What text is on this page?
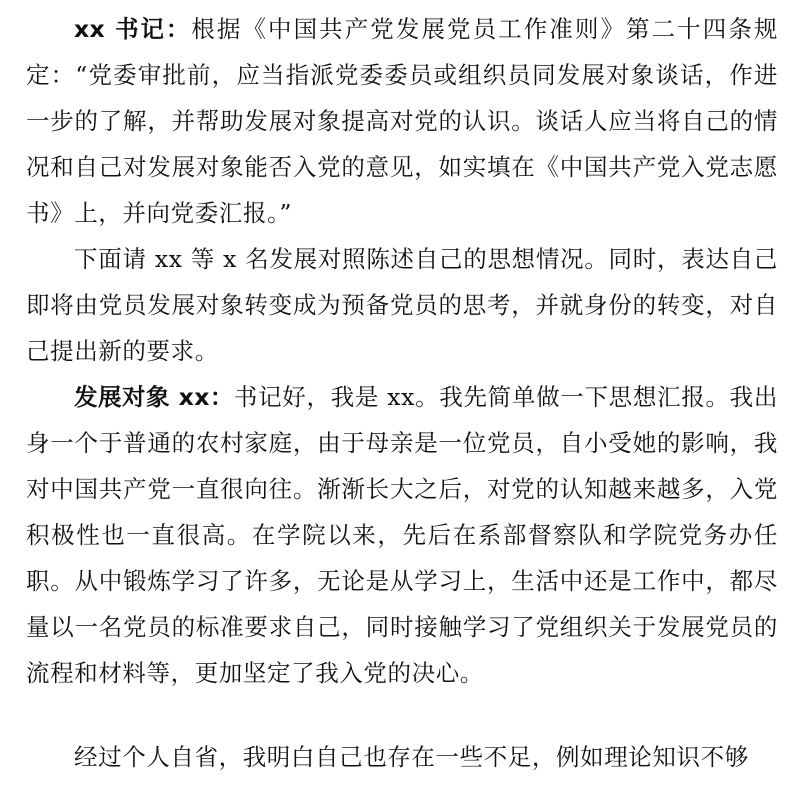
xx 书记：根据《中国共产党发展党员工作准则》第二十四条规定：“党委审批前，应当指派党委委员或组织员同发展对象谈话，作进一步的了解，并帮助发展对象提高对党的认识。谈话人应当将自己的情况和自己对发展对象能否入党的意见，如实填在《中国共产党入党志愿书》上，并向党委汇报。”

下面请 xx 等 x 名发展对照陈述自己的思想情况。同时，表达自己即将由党员发展对象转变成为预备党员的思考，并就身份的转变，对自己提出新的要求。

发展对象 xx：书记好，我是 xx。我先简单做一下思想汇报。我出身一个于普通的农村家庭，由于母亲是一位党员，自小受她的影响，我对中国共产党一直很向往。渐渐长大之后，对党的认知越来越多，入党积极性也一直很高。在学院以来，先后在系部督察队和学院党务办任职。从中锻炼学习了许多，无论是从学习上，生活中还是工作中，都尽量以一名党员的标准要求自己，同时接触学习了党组织关于发展党员的流程和材料等，更加坚定了我入党的决心。

经过个人自省，我明白自己也存在一些不足，例如理论知识不够
